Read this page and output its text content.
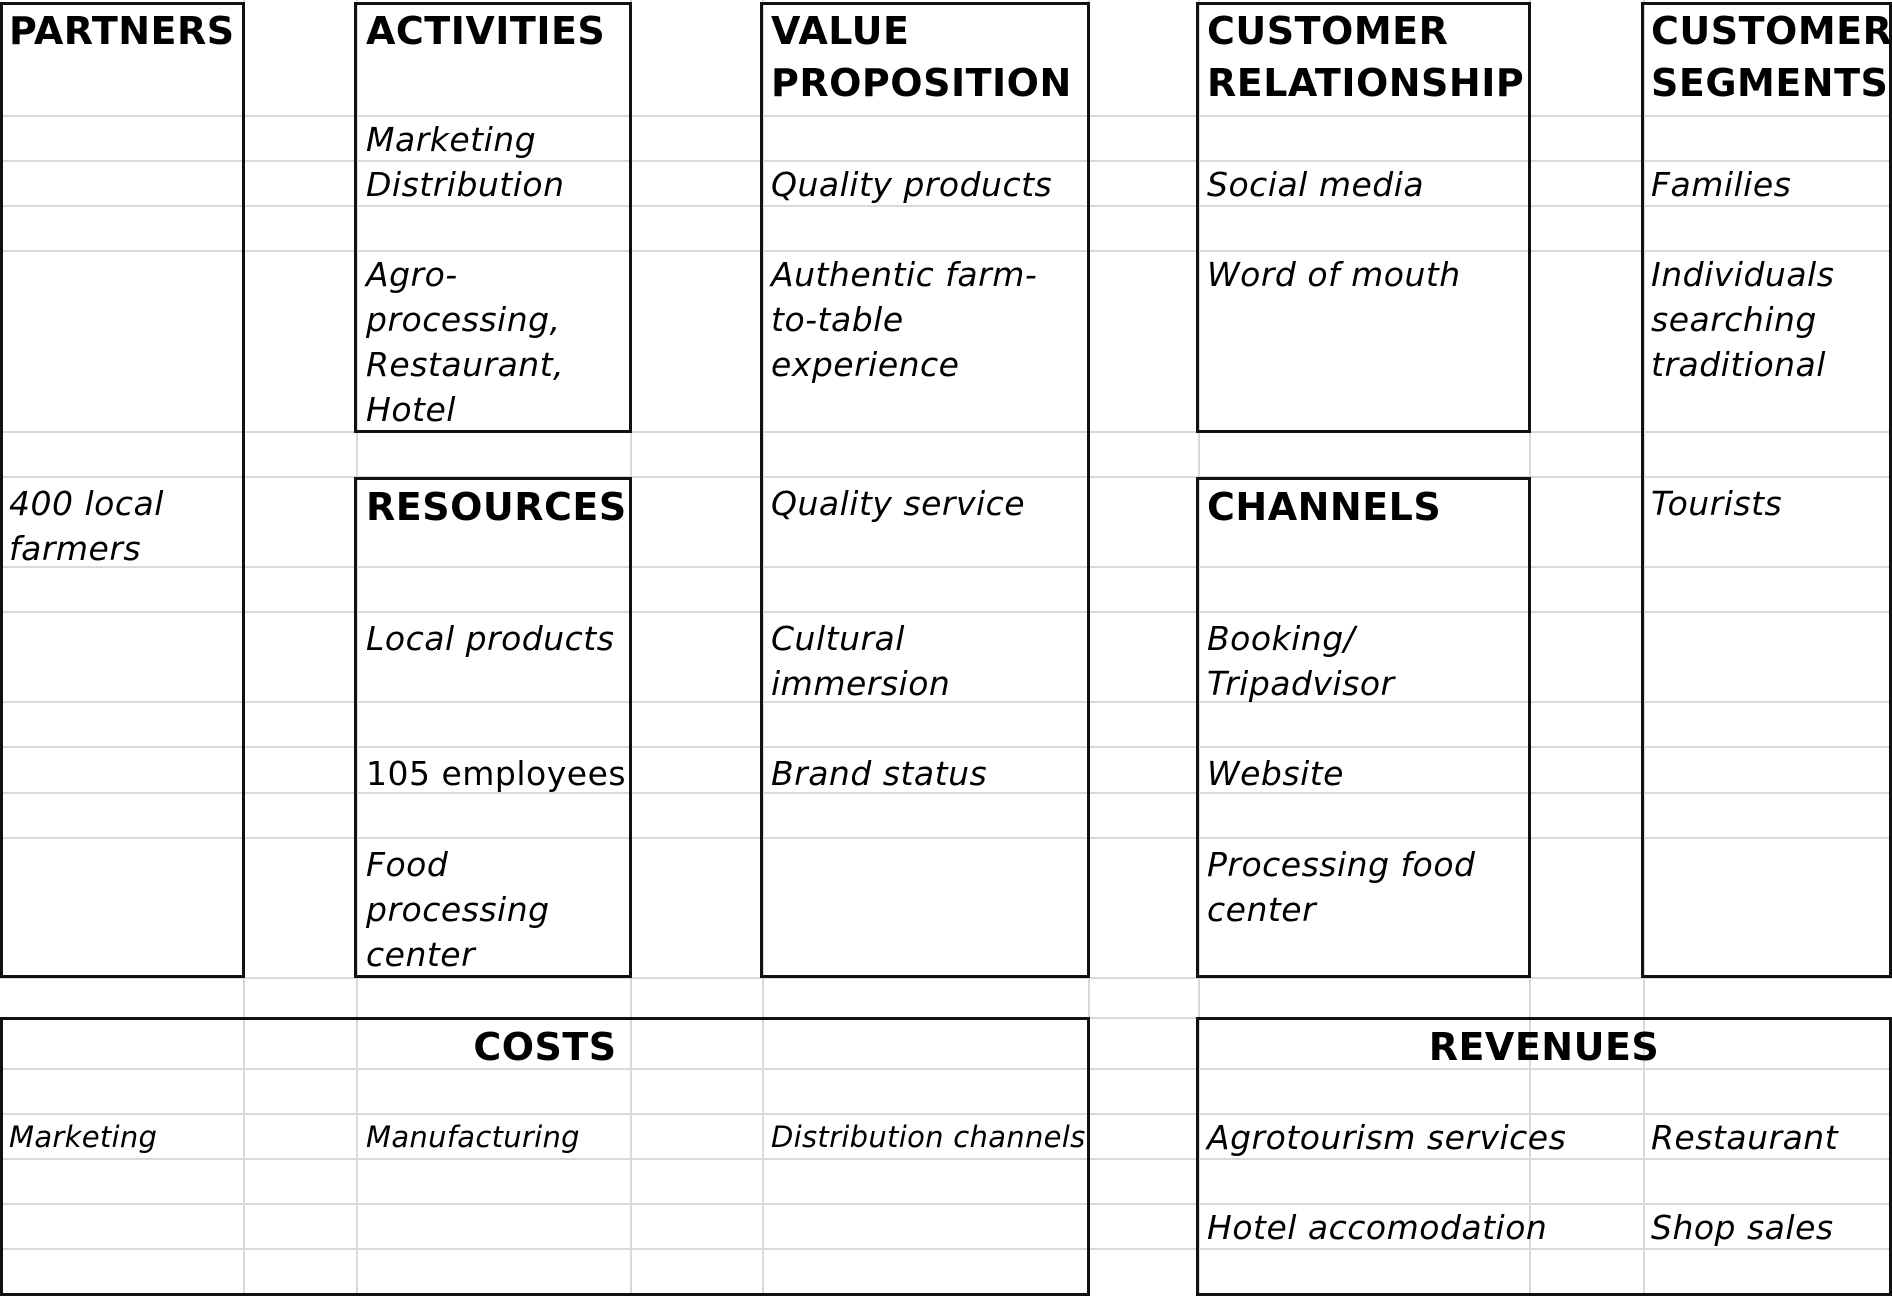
PARTNERS
400 local
farmers
ACTIVITIES
Marketing
Distribution
Agro-
processing,
Restaurant,
Hotel
RESOURCES
Local products
105 employees
Food
processing
center
VALUE
PROPOSITION
Quality products
Authentic farm-
to-table
experience
Quality service
Cultural
immersion
Brand status
CUSTOMER
RELATIONSHIP
Social media
Word of mouth
CHANNELS
Booking/
Tripadvisor
Website
Processing food
center
CUSTOMER
SEGMENTS
Families
Individuals
searching
traditional
Tourists
COSTS
Marketing	Manufacturing	Distribution channels
REVENUES
Agrotourism services	Restaurant
Hotel accomodation	Shop sales
